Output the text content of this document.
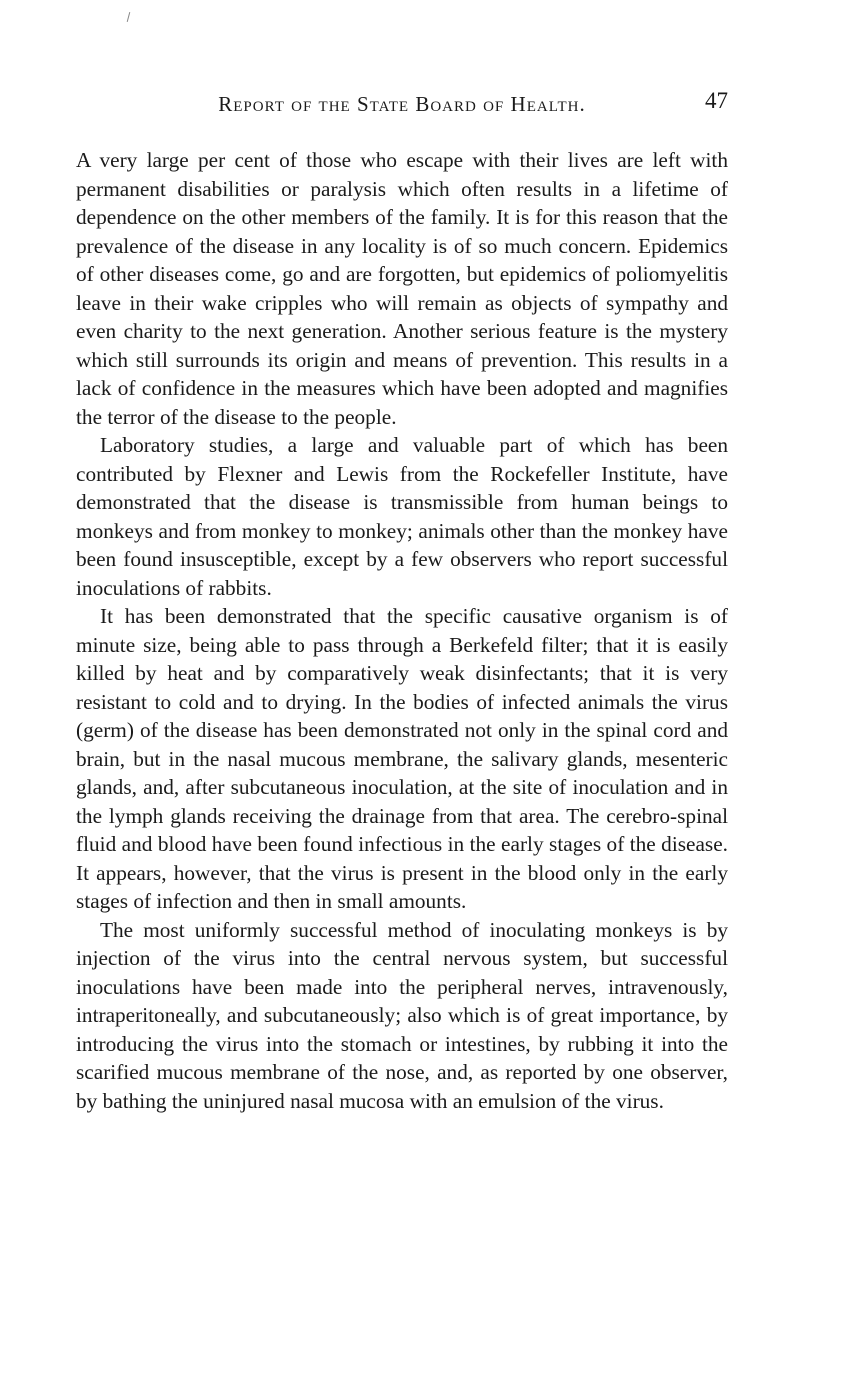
Report of the State Board of Health.	47

A very large per cent of those who escape with their lives are left with permanent disabilities or paralysis which often results in a lifetime of dependence on the other members of the family. It is for this reason that the prevalence of the disease in any locality is of so much concern. Epidemics of other diseases come, go and are forgotten, but epidemics of poliomyelitis leave in their wake cripples who will remain as objects of sympathy and even charity to the next generation. Another serious feature is the mystery which still surrounds its origin and means of prevention. This results in a lack of confidence in the measures which have been adopted and magnifies the terror of the disease to the people.

Laboratory studies, a large and valuable part of which has been contributed by Flexner and Lewis from the Rockefeller Institute, have demonstrated that the disease is transmissible from human beings to monkeys and from monkey to monkey; animals other than the monkey have been found insusceptible, except by a few observers who report successful inoculations of rabbits.

It has been demonstrated that the specific causative organism is of minute size, being able to pass through a Berkefeld filter; that it is easily killed by heat and by comparatively weak disinfectants; that it is very resistant to cold and to drying. In the bodies of infected animals the virus (germ) of the disease has been demonstrated not only in the spinal cord and brain, but in the nasal mucous membrane, the salivary glands, mesenteric glands, and, after subcutaneous inoculation, at the site of inoculation and in the lymph glands receiving the drainage from that area. The cerebro-spinal fluid and blood have been found infectious in the early stages of the disease. It appears, however, that the virus is present in the blood only in the early stages of infection and then in small amounts.

The most uniformly successful method of inoculating monkeys is by injection of the virus into the central nervous system, but successful inoculations have been made into the peripheral nerves, intravenously, intraperitoneally, and subcutaneously; also which is of great importance, by introducing the virus into the stomach or intestines, by rubbing it into the scarified mucous membrane of the nose, and, as reported by one observer, by bathing the uninjured nasal mucosa with an emulsion of the virus.
